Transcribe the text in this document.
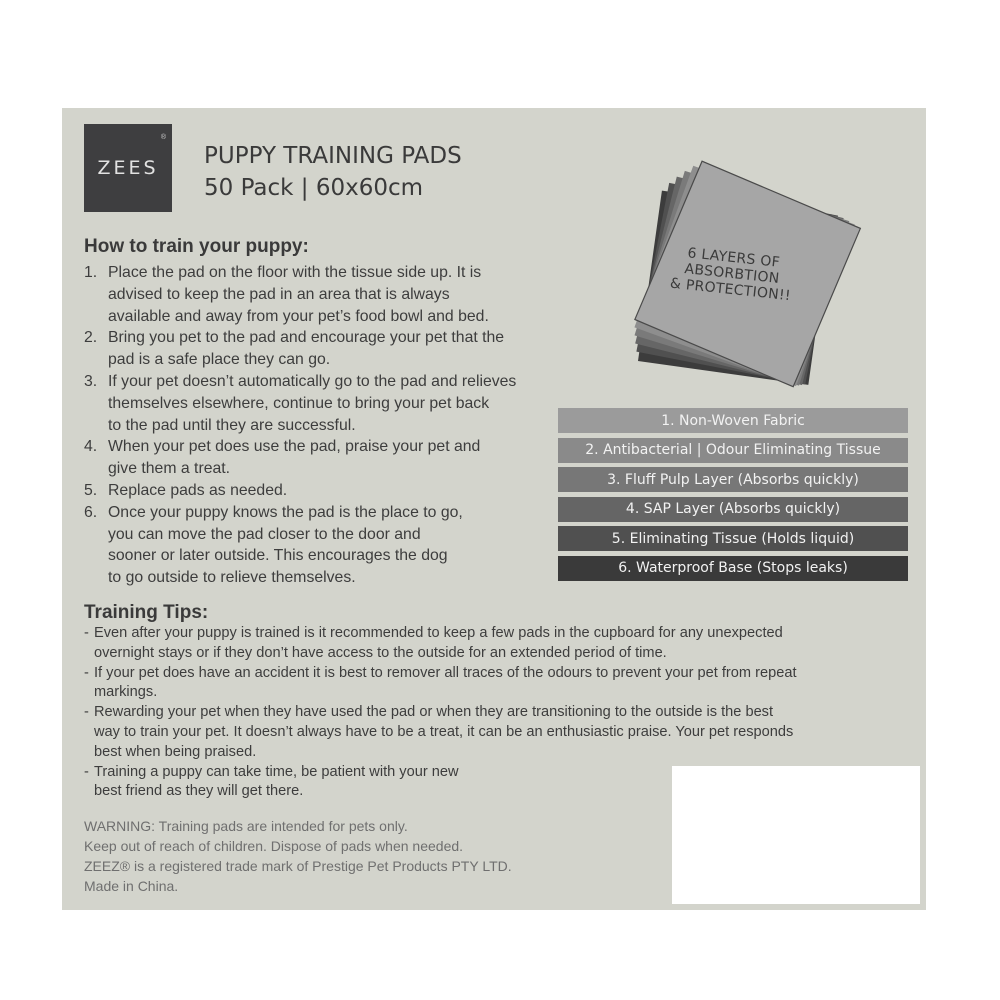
ZEES
®
PUPPY TRAINING PADS
50 Pack | 60x60cm
6 LAYERS OF
ABSORBTION
& PROTECTION!!
1. Non-Woven Fabric
2. Antibacterial | Odour Eliminating Tissue
3. Fluff Pulp Layer (Absorbs quickly)
4. SAP Layer (Absorbs quickly)
5. Eliminating Tissue (Holds liquid)
6. Waterproof Base (Stops leaks)
How to train your puppy:
1. Place the pad on the floor with the tissue side up. It is
advised to keep the pad in an area that is always
available and away from your pet’s food bowl and bed.
2. Bring you pet to the pad and encourage your pet that the
pad is a safe place they can go.
3. If your pet doesn’t automatically go to the pad and relieves
themselves elsewhere, continue to bring your pet back
to the pad until they are successful.
4. When your pet does use the pad, praise your pet and
give them a treat.
5. Replace pads as needed.
6. Once your puppy knows the pad is the place to go,
you can move the pad closer to the door and
sooner or later outside. This encourages the dog
to go outside to relieve themselves.
Training Tips:
- Even after your puppy is trained is it recommended to keep a few pads in the cupboard for any unexpected
overnight stays or if they don’t have access to the outside for an extended period of time.
- If your pet does have an accident it is best to remover all traces of the odours to prevent your pet from repeat
markings.
- Rewarding your pet when they have used the pad or when they are transitioning to the outside is the best
way to train your pet. It doesn’t always have to be a treat, it can be an enthusiastic praise. Your pet responds
best when being praised.
- Training a puppy can take time, be patient with your new
best friend as they will get there.
WARNING: Training pads are intended for pets only.
Keep out of reach of children. Dispose of pads when needed.
ZEEZ® is a registered trade mark of Prestige Pet Products PTY LTD.
Made in China.
